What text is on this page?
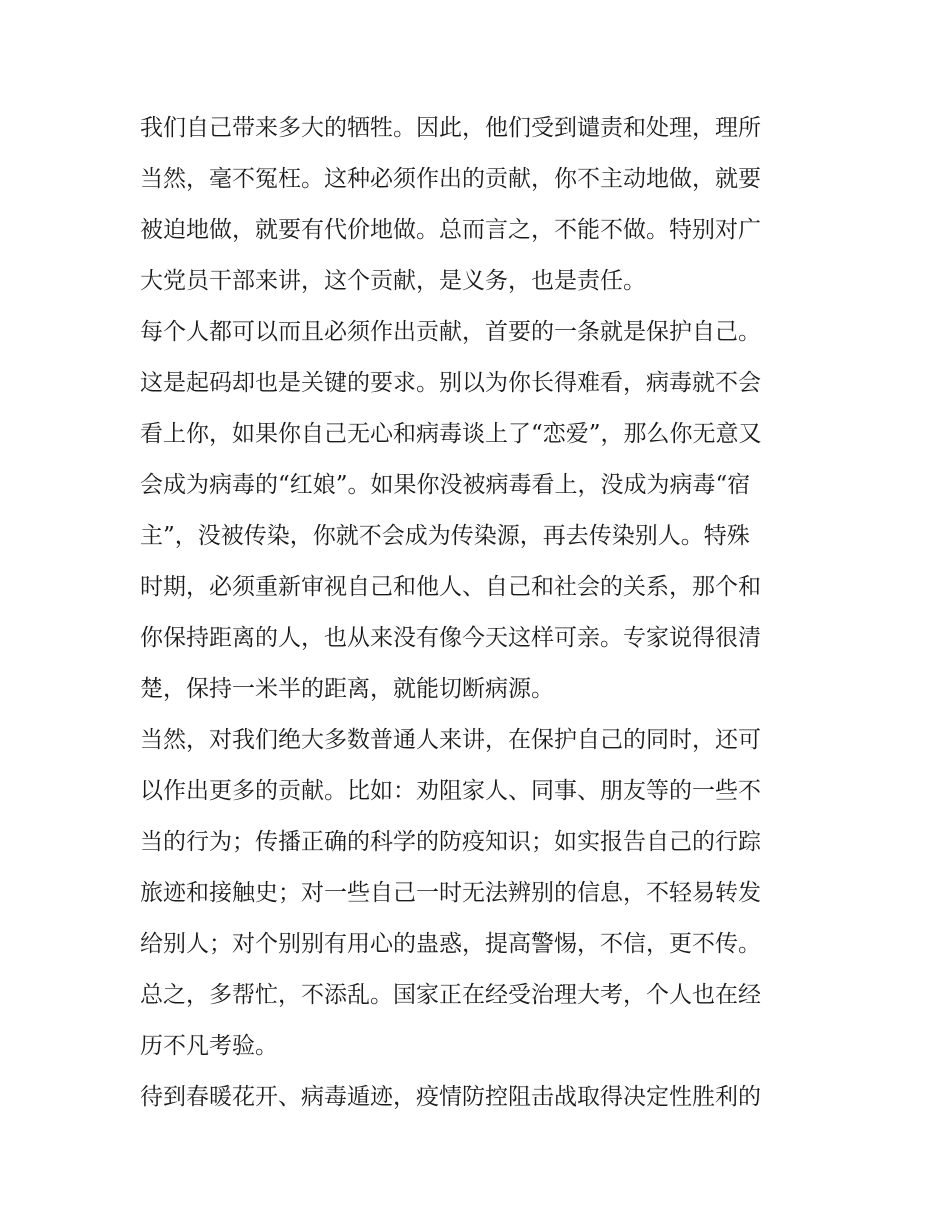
我们自己带来多大的牺牲。因此，他们受到谴责和处理，理所
当然，毫不冤枉。这种必须作出的贡献，你不主动地做，就要
被迫地做，就要有代价地做。总而言之，不能不做。特别对广
大党员干部来讲，这个贡献，是义务，也是责任。
每个人都可以而且必须作出贡献，首要的一条就是保护自己。
这是起码却也是关键的要求。别以为你长得难看，病毒就不会
看上你，如果你自己无心和病毒谈上了“恋爱”，那么你无意又
会成为病毒的“红娘”。如果你没被病毒看上，没成为病毒“宿
主”，没被传染，你就不会成为传染源，再去传染别人。特殊
时期，必须重新审视自己和他人、自己和社会的关系，那个和
你保持距离的人，也从来没有像今天这样可亲。专家说得很清
楚，保持一米半的距离，就能切断病源。
当然，对我们绝大多数普通人来讲，在保护自己的同时，还可
以作出更多的贡献。比如：劝阻家人、同事、朋友等的一些不
当的行为；传播正确的科学的防疫知识；如实报告自己的行踪
旅迹和接触史；对一些自己一时无法辨别的信息，不轻易转发
给别人；对个别别有用心的蛊惑，提高警惕，不信，更不传。
总之，多帮忙，不添乱。国家正在经受治理大考，个人也在经
历不凡考验。
待到春暖花开、病毒遁迹，疫情防控阻击战取得决定性胜利的
